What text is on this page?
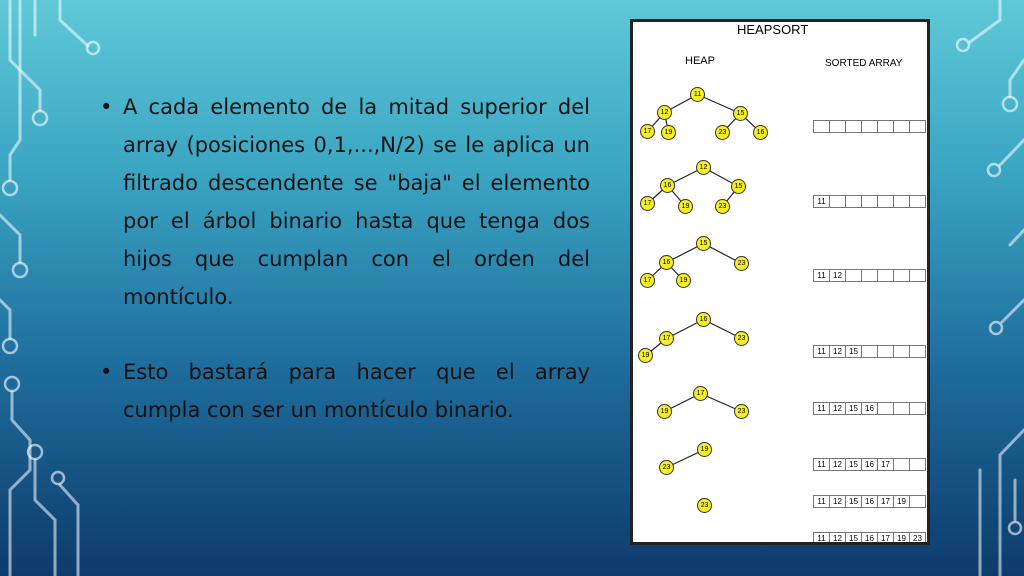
• A cada elemento de la mitad superior del array (posiciones 0,1,...,N/2) se le aplica un filtrado descendente se "baja" el elemento por el árbol binario hasta que tenga dos hijos que cumplan con el orden del montículo.

• Esto bastará para hacer que el array cumpla con ser un montículo binario.

HEAPSORT
HEAP	SORTED ARRAY
11
12	15
17	19	23	16
12
16	15
17	19	23
11
15
16	23
17	19
11 12
16
17	23
19	11 12 15
17
19	23	11 12 15 16
19
23	11 12 15 16 17
23	11 12 15 16 17 19
11 12 15 16 17 19 23
